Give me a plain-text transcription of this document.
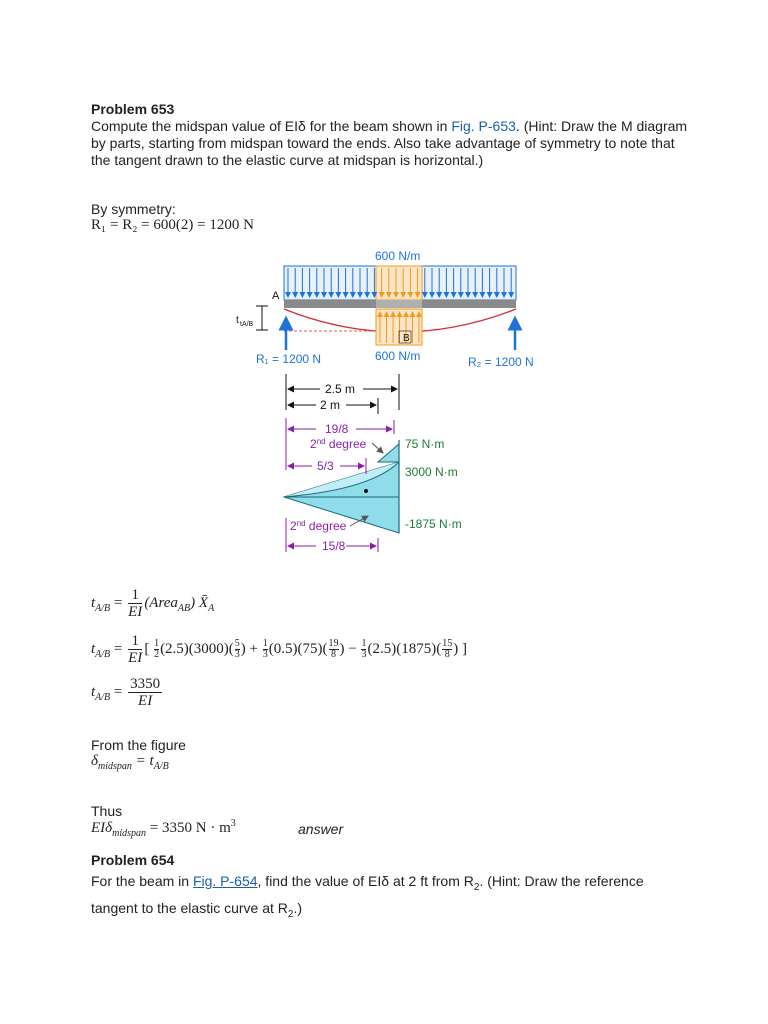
Problem 653
Compute the midspan value of EIδ for the beam shown in Fig. P-653. (Hint: Draw the M diagram by parts, starting from midspan toward the ends. Also take advantage of symmetry to note that the tangent drawn to the elastic curve at midspan is horizontal.)
By symmetry:
R₁ = R₂ = 600(2) = 1200 N
t tA/B
A
B
600 N/m
600 N/m
R₁ = 1200 N	R₂ = 1200 N
2.5 m
2 m
19/8
2nd degree
5/3
75 N·m
3000 N·m
-1875 N·m
2nd degree
15/8
$t_{A/B} = \frac{1}{EI}$ (Area$_{AB}$) $X̄_A$
$t_{A/B} = \frac{1}{EI}$ [ $\frac{1}{2} (2.5)(3000)( \frac{5}{3}$ ) + $\frac{1}{3} (0.5)(75)( \frac{19}{8}$ ) − $\frac{1}{3} (2.5)(1875)( \frac{15}{8}$ ) ]
$t_{A/B} = \frac{3350}{EI}$
From the figure
$\delta_{midspan} = t_{A/B}$
Thus
EIδ$_{midspan}$ = 3350 $N \cdot m^3$	answer
Problem 654
For the beam in Fig. P-654, find the value of EIδ at 2 ft from $R_2$. (Hint: Draw the reference tangent to the elastic curve at $R_2$.)
